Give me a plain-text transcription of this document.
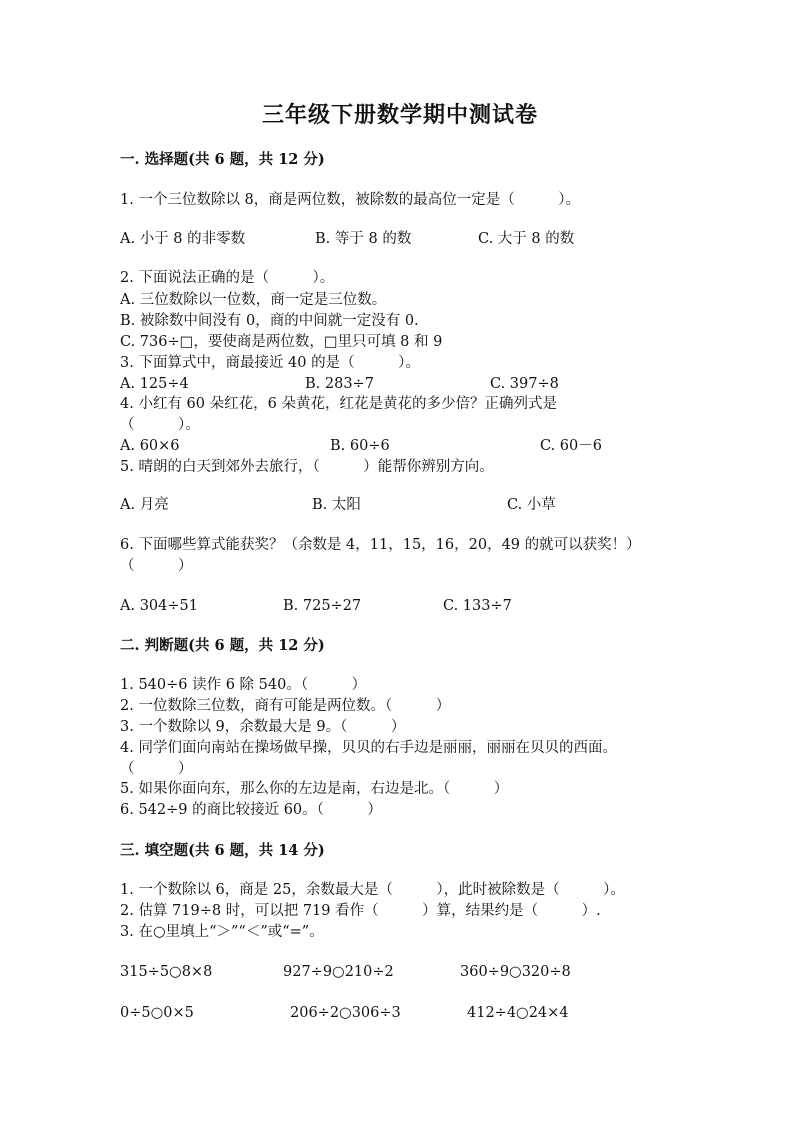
三年级下册数学期中测试卷
一. 选择题(共 6 题，共 12 分)
1. 一个三位数除以 8，商是两位数，被除数的最高位一定是（　　　）。
A. 小于 8 的非零数	B. 等于 8 的数	C. 大于 8 的数
2. 下面说法正确的是（　　　）。
A. 三位数除以一位数，商一定是三位数。
B. 被除数中间没有 0，商的中间就一定没有 0.
C. 736÷□，要使商是两位数，□里只可填 8 和 9
3. 下面算式中，商最接近 40 的是（　　　）。
A. 125÷4	B. 283÷7	C. 397÷8
4. 小红有 60 朵红花，6 朵黄花，红花是黄花的多少倍？正确列式是
（　　　）。
A. 60×6	B. 60÷6	C. 60－6
5. 晴朗的白天到郊外去旅行，（　　　）能帮你辨别方向。
A. 月亮	B. 太阳	C. 小草
6. 下面哪些算式能获奖？（余数是 4，11，15，16，20，49 的就可以获奖！）
（　　　）
A. 304÷51	B. 725÷27	C. 133÷7
二. 判断题(共 6 题，共 12 分)
1. 540÷6 读作 6 除 540。（　　　）
2. 一位数除三位数，商有可能是两位数。（　　　）
3. 一个数除以 9，余数最大是 9。（　　　）
4. 同学们面向南站在操场做早操，贝贝的右手边是丽丽，丽丽在贝贝的西面。
（　　　）
5. 如果你面向东，那么你的左边是南，右边是北。（　　　）
6. 542÷9 的商比较接近 60。（　　　）
三. 填空题(共 6 题，共 14 分)
1. 一个数除以 6，商是 25，余数最大是（　　　），此时被除数是（　　　）。
2. 估算 719÷8 时，可以把 719 看作（　　　）算，结果约是（　　　）.
3. 在○里填上“＞”“＜”或“=”。
315÷5○8×8	927÷9○210÷2	360÷9○320÷8
0÷5○0×5	206÷2○306÷3	412÷4○24×4
